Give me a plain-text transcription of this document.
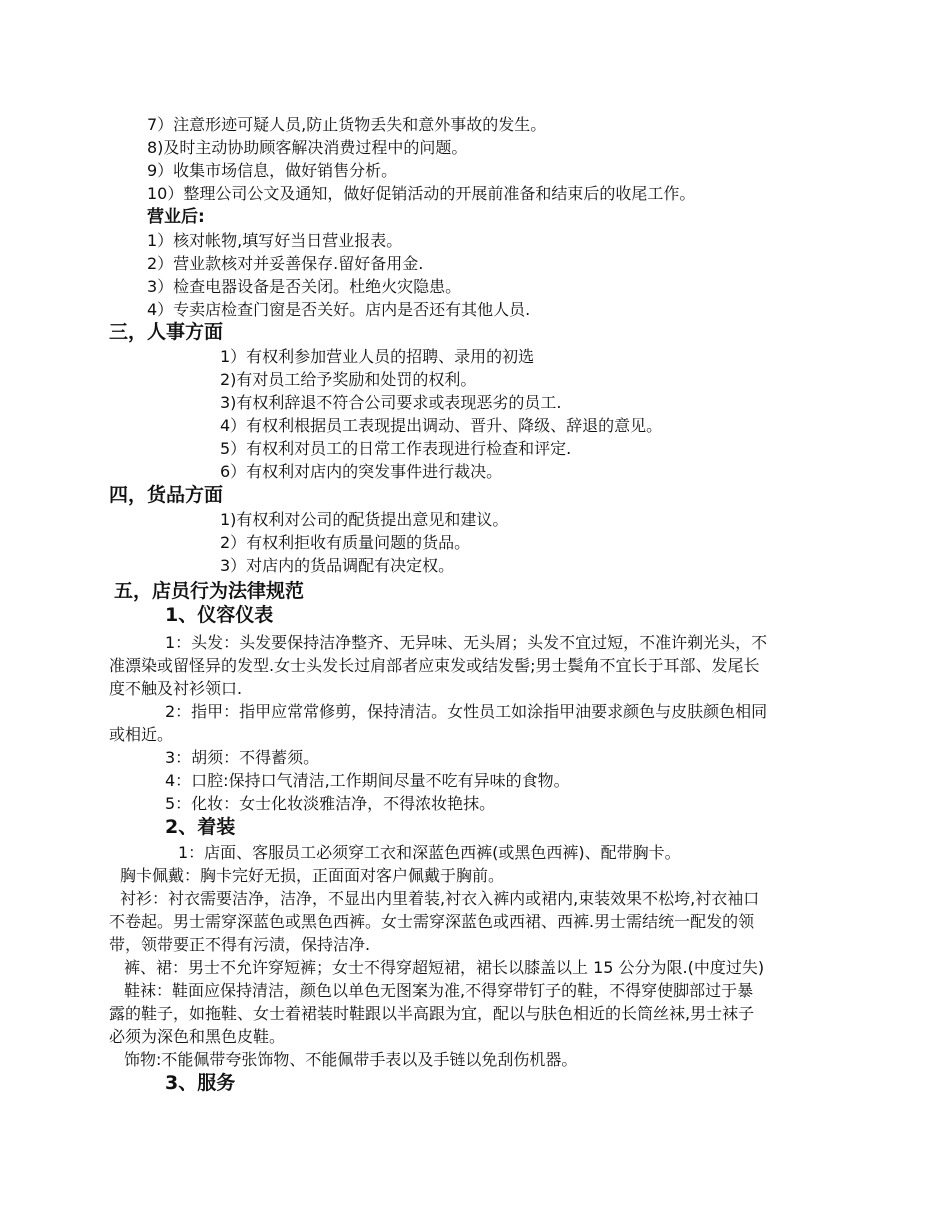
7）注意形迹可疑人员,防止货物丢失和意外事故的发生。
8)及时主动协助顾客解决消费过程中的问题。
9）收集市场信息，做好销售分析。
10）整理公司公文及通知，做好促销活动的开展前准备和结束后的收尾工作。
营业后:
1）核对帐物,填写好当日营业报表。
2）营业款核对并妥善保存.留好备用金.
3）检查电器设备是否关闭。杜绝火灾隐患。
4）专卖店检查门窗是否关好。店内是否还有其他人员.
三，人事方面
1）有权利参加营业人员的招聘、录用的初选
2)有对员工给予奖励和处罚的权利。
3)有权利辞退不符合公司要求或表现恶劣的员工.
4）有权利根据员工表现提出调动、晋升、降级、辞退的意见。
5）有权利对员工的日常工作表现进行检查和评定.
6）有权利对店内的突发事件进行裁决。
四，货品方面
1)有权利对公司的配货提出意见和建议。
2）有权利拒收有质量问题的货品。
3）对店内的货品调配有决定权。
五，店员行为法律规范
1、仪容仪表
1：头发：头发要保持洁净整齐、无异味、无头屑；头发不宜过短，不准许剃光头，不
准漂染或留怪异的发型.女士头发长过肩部者应束发或结发髻;男士鬓角不宜长于耳部、发尾长
度不触及衬衫领口.
2：指甲：指甲应常常修剪，保持清洁。女性员工如涂指甲油要求颜色与皮肤颜色相同
或相近。
3：胡须：不得蓄须。
4：口腔:保持口气清洁,工作期间尽量不吃有异味的食物。
5：化妆：女士化妆淡雅洁净，不得浓妆艳抹。
2、着装
1：店面、客服员工必须穿工衣和深蓝色西裤(或黑色西裤)、配带胸卡。
胸卡佩戴：胸卡完好无损，正面面对客户佩戴于胸前。
衬衫：衬衣需要洁净，洁净，不显出内里着装,衬衣入裤内或裙内,束装效果不松垮,衬衣袖口
不卷起。男士需穿深蓝色或黑色西裤。女士需穿深蓝色或西裙、西裤.男士需结统一配发的领
带，领带要正不得有污渍，保持洁净.
裤、裙：男士不允许穿短裤；女士不得穿超短裙，裙长以膝盖以上 15 公分为限.(中度过失)
鞋袜：鞋面应保持清洁，颜色以单色无图案为准,不得穿带钉子的鞋，不得穿使脚部过于暴
露的鞋子，如拖鞋、女士着裙装时鞋跟以半高跟为宜，配以与肤色相近的长筒丝袜,男士袜子
必须为深色和黑色皮鞋。
饰物:不能佩带夸张饰物、不能佩带手表以及手链以免刮伤机器。
3、服务
